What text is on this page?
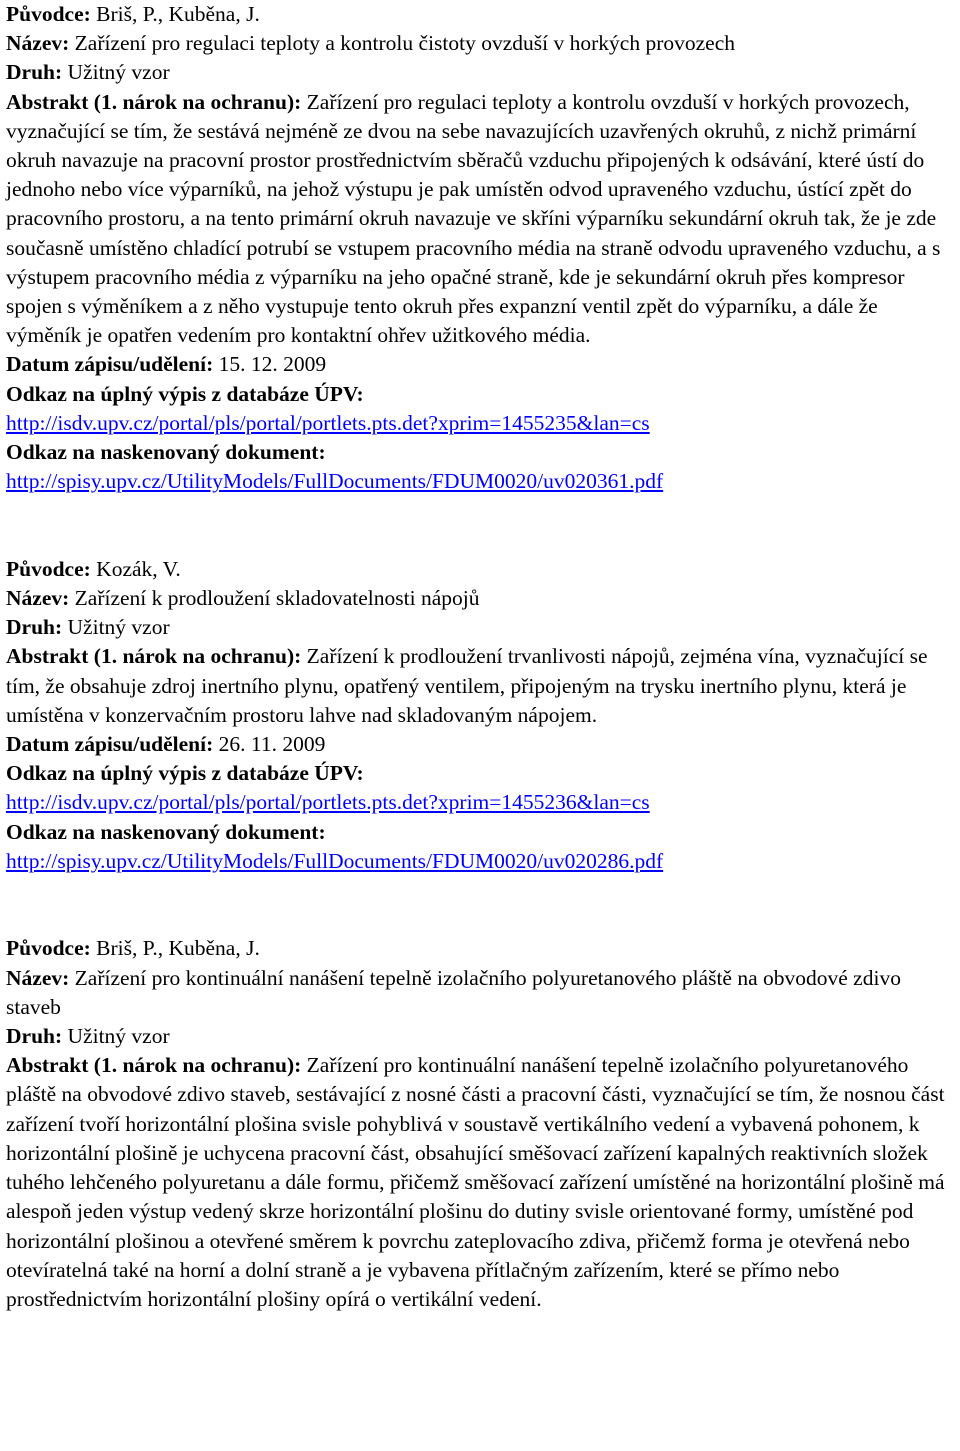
Původce: Briš, P., Kuběna, J.

Název: Zařízení pro regulaci teploty a kontrolu čistoty ovzduší v horkých provozech

Druh: Užitný vzor

Abstrakt (1. nárok na ochranu): Zařízení pro regulaci teploty a kontrolu ovzduší v horkých provozech, vyznačující se tím, že sestává nejméně ze dvou na sebe navazujících uzavřených okruhů, z nichž primární okruh navazuje na pracovní prostor prostřednictvím sběračů vzduchu připojených k odsávání, které ústí do jednoho nebo více výparníků, na jehož výstupu je pak umístěn odvod upraveného vzduchu, ústící zpět do pracovního prostoru, a na tento primární okruh navazuje ve skříni výparníku sekundární okruh tak, že je zde současně umístěno chladící potrubí se vstupem pracovního média na straně odvodu upraveného vzduchu, a s výstupem pracovního média z výparníku na jeho opačné straně, kde je sekundární okruh přes kompresor spojen s výměníkem a z něho vystupuje tento okruh přes expanzní ventil zpět do výparníku, a dále že výměník je opatřen vedením pro kontaktní ohřev užitkového média.

Datum zápisu/udělení: 15. 12. 2009

Odkaz na úplný výpis z databáze ÚPV:

http://isdv.upv.cz/portal/pls/portal/portlets.pts.det?xprim=1455235&lan=cs

Odkaz na naskenovaný dokument:

http://spisy.upv.cz/UtilityModels/FullDocuments/FDUM0020/uv020361.pdf

Původce: Kozák, V.

Název: Zařízení k prodloužení skladovatelnosti nápojů

Druh: Užitný vzor

Abstrakt (1. nárok na ochranu): Zařízení k prodloužení trvanlivosti nápojů, zejména vína, vyznačující se tím, že obsahuje zdroj inertního plynu, opatřený ventilem, připojeným na trysku inertního plynu, která je umístěna v konzervačním prostoru lahve nad skladovaným nápojem.

Datum zápisu/udělení: 26. 11. 2009

Odkaz na úplný výpis z databáze ÚPV:

http://isdv.upv.cz/portal/pls/portal/portlets.pts.det?xprim=1455236&lan=cs

Odkaz na naskenovaný dokument:

http://spisy.upv.cz/UtilityModels/FullDocuments/FDUM0020/uv020286.pdf

Původce: Briš, P., Kuběna, J.

Název: Zařízení pro kontinuální nanášení tepelně izolačního polyuretanového pláště na obvodové zdivo staveb

Druh: Užitný vzor

Abstrakt (1. nárok na ochranu): Zařízení pro kontinuální nanášení tepelně izolačního polyuretanového pláště na obvodové zdivo staveb, sestávající z nosné části a pracovní části, vyznačující se tím, že nosnou část zařízení tvoří horizontální plošina svisle pohyblivá v soustavě vertikálního vedení a vybavená pohonem, k horizontální plošině je uchycena pracovní část, obsahující směšovací zařízení kapalných reaktivních složek tuhého lehčeného polyuretanu a dále formu, přičemž směšovací zařízení umístěné na horizontální plošině má alespoň jeden výstup vedený skrze horizontální plošinu do dutiny svisle orientované formy, umístěné pod horizontální plošinou a otevřené směrem k povrchu zateplovacího zdiva, přičemž forma je otevřená nebo otevíratelná také na horní a dolní straně a je vybavena přítlačným zařízením, které se přímo nebo prostřednictvím horizontální plošiny opírá o vertikální vedení.
